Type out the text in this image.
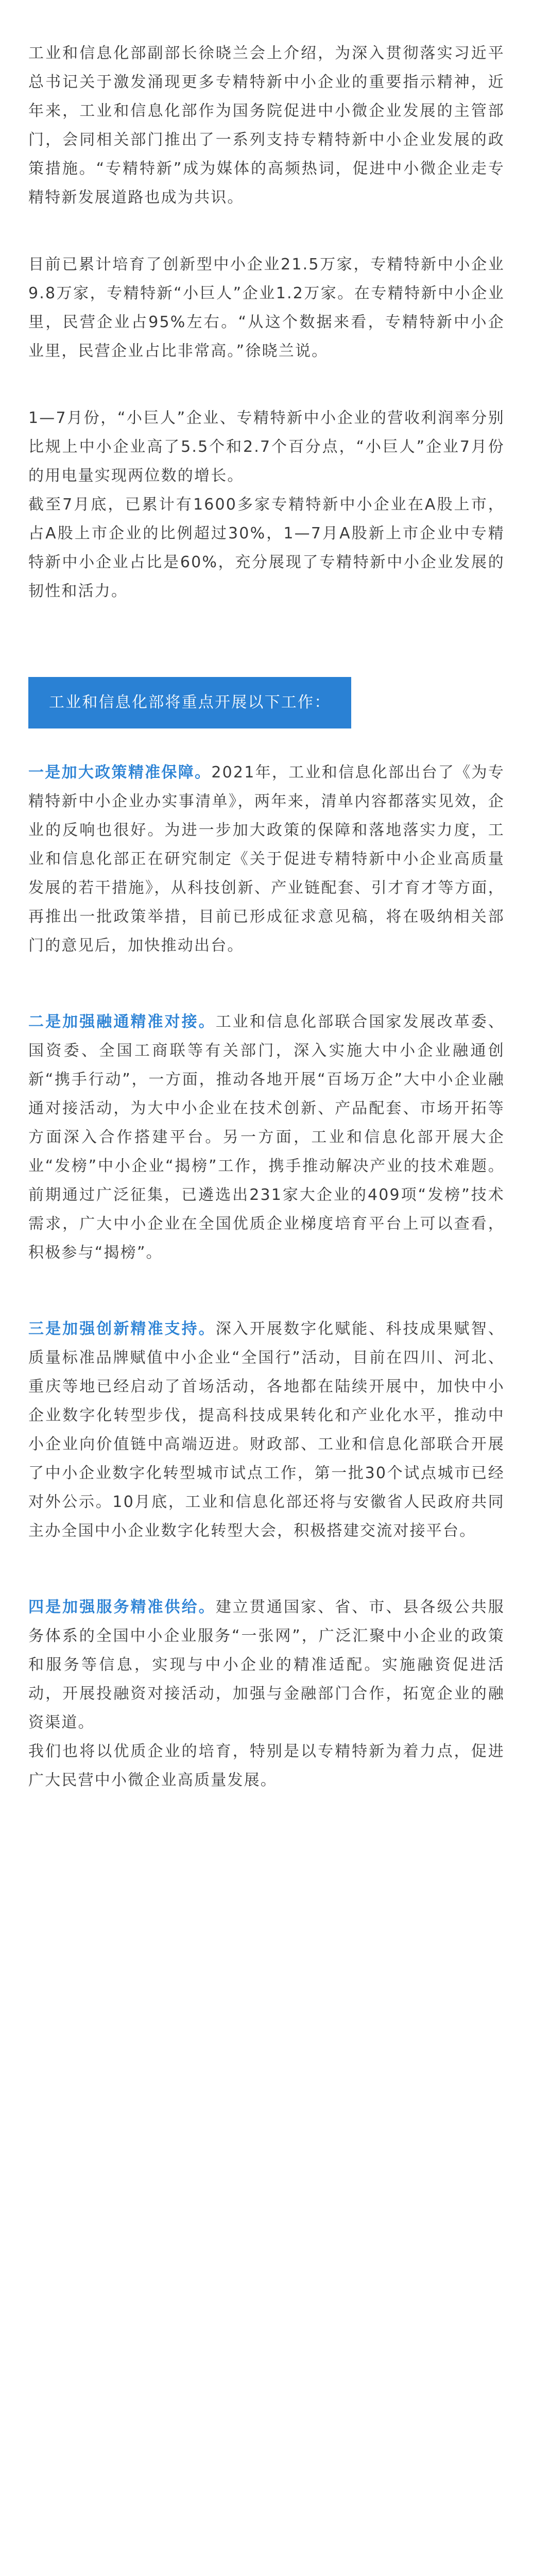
工业和信息化部副部长徐晓兰会上介绍，为深入贯彻落实习近平总书记关于激发涌现更多专精特新中小企业的重要指示精神，近年来，工业和信息化部作为国务院促进中小微企业发展的主管部门，会同相关部门推出了一系列支持专精特新中小企业发展的政策措施。“专精特新”成为媒体的高频热词，促进中小微企业走专精特新发展道路也成为共识。

目前已累计培育了创新型中小企业21.5万家，专精特新中小企业9.8万家，专精特新“小巨人”企业1.2万家。在专精特新中小企业里，民营企业占95%左右。“从这个数据来看，专精特新中小企业里，民营企业占比非常高。”徐晓兰说。

1—7月份，“小巨人”企业、专精特新中小企业的营收利润率分别比规上中小企业高了5.5个和2.7个百分点，“小巨人”企业7月份的用电量实现两位数的增长。

截至7月底，已累计有1600多家专精特新中小企业在A股上市，占A股上市企业的比例超过30%，1—7月A股新上市企业中专精特新中小企业占比是60%，充分展现了专精特新中小企业发展的韧性和活力。

工业和信息化部将重点开展以下工作：

一是加大政策精准保障。2021年，工业和信息化部出台了《为专精特新中小企业办实事清单》，两年来，清单内容都落实见效，企业的反响也很好。为进一步加大政策的保障和落地落实力度，工业和信息化部正在研究制定《关于促进专精特新中小企业高质量发展的若干措施》，从科技创新、产业链配套、引才育才等方面，再推出一批政策举措，目前已形成征求意见稿，将在吸纳相关部门的意见后，加快推动出台。

二是加强融通精准对接。工业和信息化部联合国家发展改革委、国资委、全国工商联等有关部门，深入实施大中小企业融通创新“携手行动”，一方面，推动各地开展“百场万企”大中小企业融通对接活动，为大中小企业在技术创新、产品配套、市场开拓等方面深入合作搭建平台。另一方面，工业和信息化部开展大企业“发榜”中小企业“揭榜”工作，携手推动解决产业的技术难题。前期通过广泛征集，已遴选出231家大企业的409项“发榜”技术需求，广大中小企业在全国优质企业梯度培育平台上可以查看，积极参与“揭榜”。

三是加强创新精准支持。深入开展数字化赋能、科技成果赋智、质量标准品牌赋值中小企业“全国行”活动，目前在四川、河北、重庆等地已经启动了首场活动，各地都在陆续开展中，加快中小企业数字化转型步伐，提高科技成果转化和产业化水平，推动中小企业向价值链中高端迈进。财政部、工业和信息化部联合开展了中小企业数字化转型城市试点工作，第一批30个试点城市已经对外公示。10月底，工业和信息化部还将与安徽省人民政府共同主办全国中小企业数字化转型大会，积极搭建交流对接平台。

四是加强服务精准供给。建立贯通国家、省、市、县各级公共服务体系的全国中小企业服务“一张网”，广泛汇聚中小企业的政策和服务等信息，实现与中小企业的精准适配。实施融资促进活动，开展投融资对接活动，加强与金融部门合作，拓宽企业的融资渠道。

我们也将以优质企业的培育，特别是以专精特新为着力点，促进广大民营中小微企业高质量发展。
